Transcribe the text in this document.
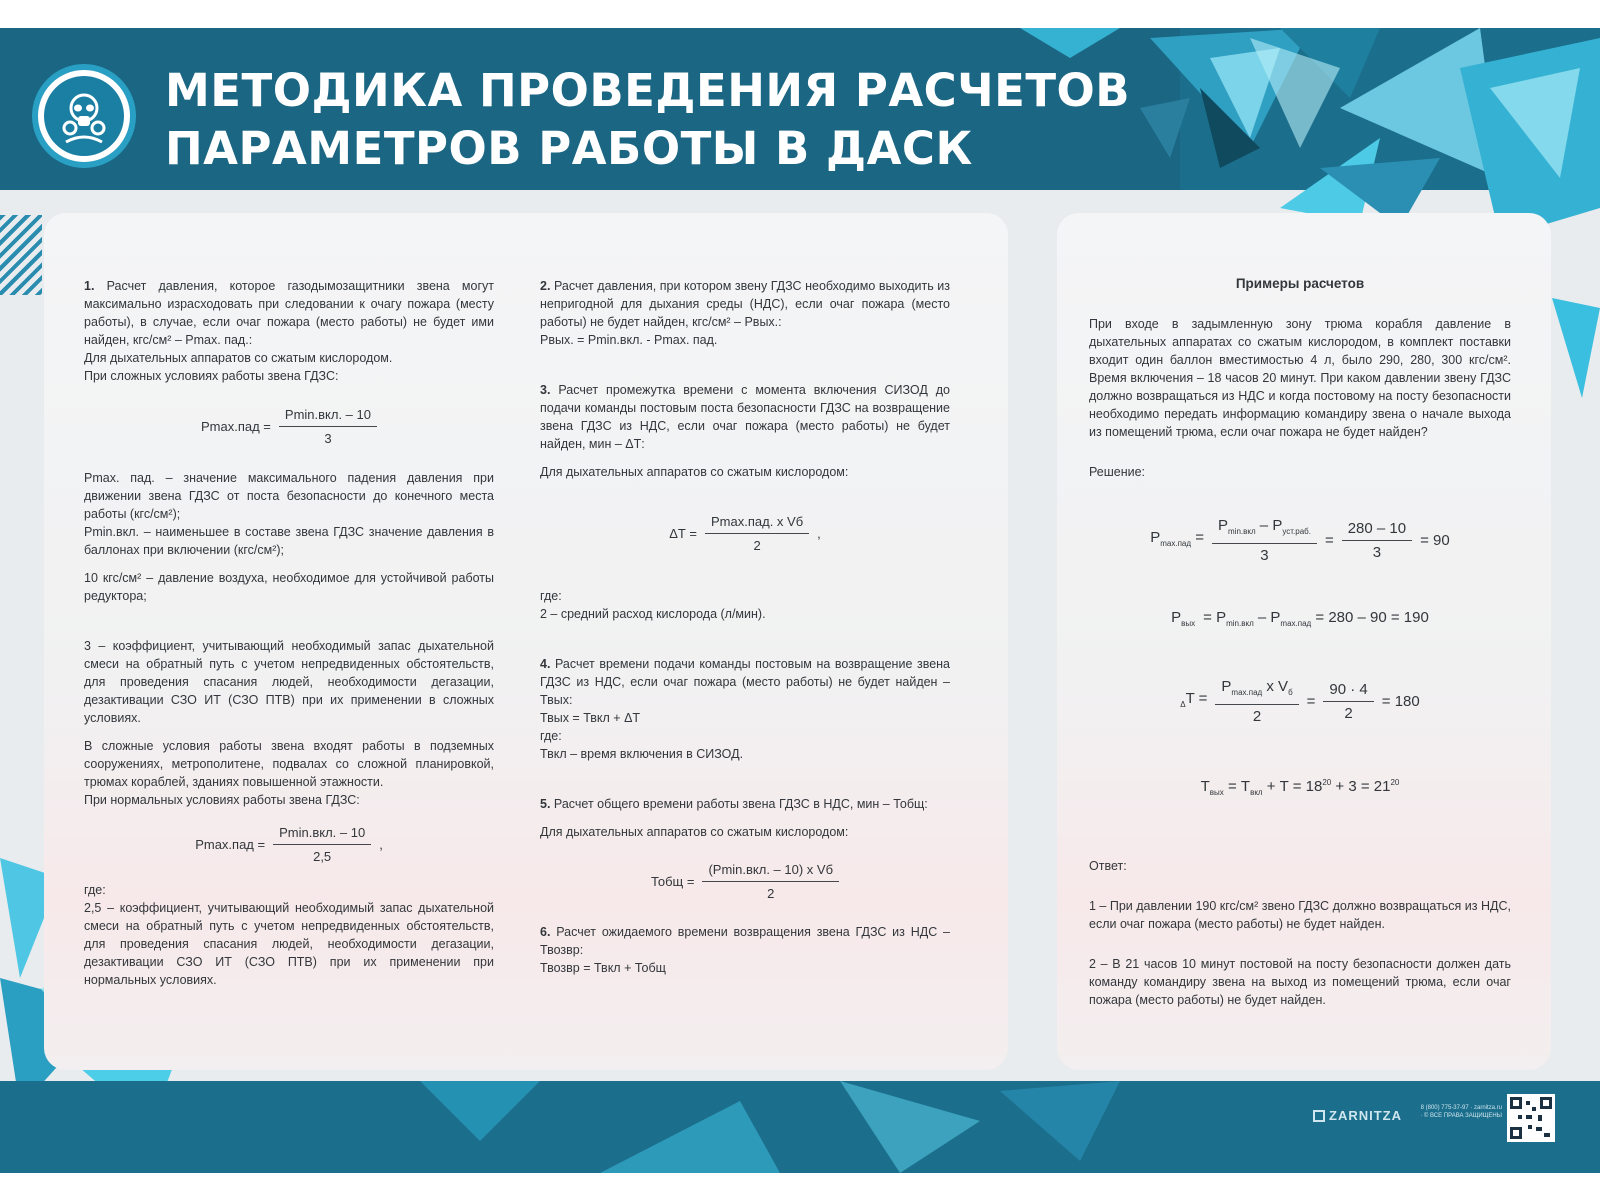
МЕТОДИКА ПРОВЕДЕНИЯ РАСЧЕТОВ
ПАРАМЕТРОВ РАБОТЫ В ДАСК
ZARNITZA	8 (800) 775-37-97 · zarnitza.ru · © ВСЕ ПРАВА ЗАЩИЩЕНЫ

1. Расчет давления, которое газодымозащитники звена могут максимально израсходовать при следовании к очагу пожара (месту работы), в случае, если очаг пожара (место работы) не будет ими найден, кгс/см² – Рmax. пад.:

Для дыхательных аппаратов со сжатым кислородом.

При сложных условиях работы звена ГДЗС:

$Pmax.пад = \frac{\text{Pmin.вкл. – 10}}{3}$

Pmax. пад. – значение максимального падения давления при движении звена ГДЗС от поста безопасности до конечного места работы (кгс/см²);

Pmin.вкл. – наименьшее в составе звена ГДЗС значение давления в баллонах при включении (кгс/см²);

10 кгс/см² – давление воздуха, необходимое для устойчивой работы редуктора;

3 – коэффициент, учитывающий необходимый запас дыхательной смеси на обратный путь с учетом непредвиденных обстоятельств, для проведения спасания людей, необходимости дегазации, дезактивации СЗО ИТ (СЗО ПТВ) при их применении в сложных условиях.

В сложные условия работы звена входят работы в подземных сооружениях, метрополитене, подвалах со сложной планировкой, трюмах кораблей, зданиях повышенной этажности.

При нормальных условиях работы звена ГДЗС:

$Pmax.пад = \frac{\text{Pmin.вкл. – 10}}{2,5}$ ,

где:

2,5 – коэффициент, учитывающий необходимый запас дыхательной смеси на обратный путь с учетом непредвиденных обстоятельств, для проведения спасания людей, необходимости дегазации, дезактивации СЗО ИТ (СЗО ПТВ) при их применении при нормальных условиях.

2. Расчет давления, при котором звену ГДЗС необходимо выходить из непригодной для дыхания среды (НДС), если очаг пожара (место работы) не будет найден, кгс/см² – Рвых.:

Рвых. = Pmin.вкл. - Pmax. пад.

3. Расчет промежутка времени с момента включения СИЗОД до подачи команды постовым поста безопасности ГДЗС на возвращение звена ГДЗС из НДС, если очаг пожара (место работы) не будет найден, мин – ΔТ:

Для дыхательных аппаратов со сжатым кислородом:

$\Delta Т = \frac{\text{Pmax.пад. x Vб}}{2}$ ,

где:

2 – средний расход кислорода (л/мин).

4. Расчет времени подачи команды постовым на возвращение звена ГДЗС из НДС, если очаг пожара (место работы) не будет найден – Твых:

Твых = Твкл + ΔТ

где:

Твкл – время включения в СИЗОД.

5. Расчет общего времени работы звена ГДЗС в НДС, мин – Тобщ:

Для дыхательных аппаратов со сжатым кислородом:

Тобщ = $\frac{\text{(Pmin.вкл. – 10) x Vб}}{2}$

6. Расчет ожидаемого времени возвращения звена ГДЗС из НДС – Твозвр:

Твозвр = Твкл + Тобщ

Примеры расчетов

При входе в задымленную зону трюма корабля давление в дыхательных аппаратах со сжатым кислородом, в комплект поставки входит один баллон вместимостью 4 л, было 290, 280, 300 кгс/см². Время включения – 18 часов 20 минут. При каком давлении звену ГДЗС должно возвращаться из НДС и когда постовому на посту безопасности необходимо передать информацию командиру звена о начале выхода из помещений трюма, если очаг пожара не будет найден?

Решение:

$P_{max.пад} = \frac{P_{min.вкл} - P_{уст.раб.}}{3} = \frac{280 - 10}{3} = 90$
$P_{вых} = P_{min.вкл} - P_{max.пад} = 280 - 90 = 190$
$_\Delta T = \frac{P_{max.пад} x V_б}{2} = \frac{90 \cdot 4}{2} = 180$
$T_{вых} = T_{вкл} + T = 18^{20} + 3 = 21^{20}$

Ответ:

1 – При давлении 190 кгс/см² звено ГДЗС должно возвращаться из НДС, если очаг пожара (место работы) не будет найден.

2 – В 21 часов 10 минут постовой на посту безопасности должен дать команду командиру звена на выход из помещений трюма, если очаг пожара (место работы) не будет найден.
